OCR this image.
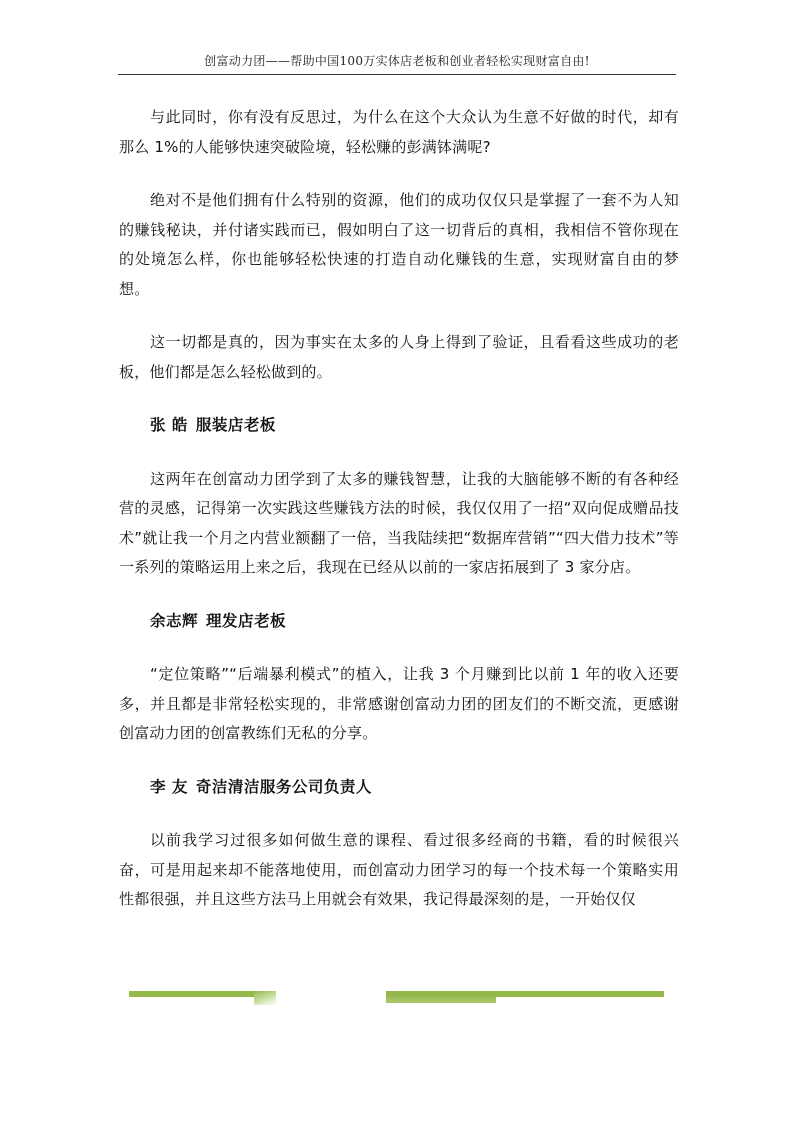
创富动力团——帮助中国100万实体店老板和创业者轻松实现财富自由!

与此同时，你有没有反思过，为什么在这个大众认为生意不好做的时代，却有那么 1%的人能够快速突破险境，轻松赚的彭满钵满呢?

绝对不是他们拥有什么特别的资源，他们的成功仅仅只是掌握了一套不为人知的赚钱秘诀，并付诸实践而已，假如明白了这一切背后的真相，我相信不管你现在的处境怎么样，你也能够轻松快速的打造自动化赚钱的生意，实现财富自由的梦想。

这一切都是真的，因为事实在太多的人身上得到了验证，且看看这些成功的老板，他们都是怎么轻松做到的。

张 皓 服装店老板

这两年在创富动力团学到了太多的赚钱智慧，让我的大脑能够不断的有各种经营的灵感，记得第一次实践这些赚钱方法的时候，我仅仅用了一招“双向促成赠品技术”就让我一个月之内营业额翻了一倍，当我陆续把“数据库营销”“四大借力技术”等一系列的策略运用上来之后，我现在已经从以前的一家店拓展到了 3 家分店。

余志辉 理发店老板

“定位策略”“后端暴利模式”的植入，让我 3 个月赚到比以前 1 年的收入还要多，并且都是非常轻松实现的，非常感谢创富动力团的团友们的不断交流，更感谢创富动力团的创富教练们无私的分享。

李 友 奇洁清洁服务公司负责人

以前我学习过很多如何做生意的课程、看过很多经商的书籍，看的时候很兴奋，可是用起来却不能落地使用，而创富动力团学习的每一个技术每一个策略实用性都很强，并且这些方法马上用就会有效果，我记得最深刻的是，一开始仅仅
